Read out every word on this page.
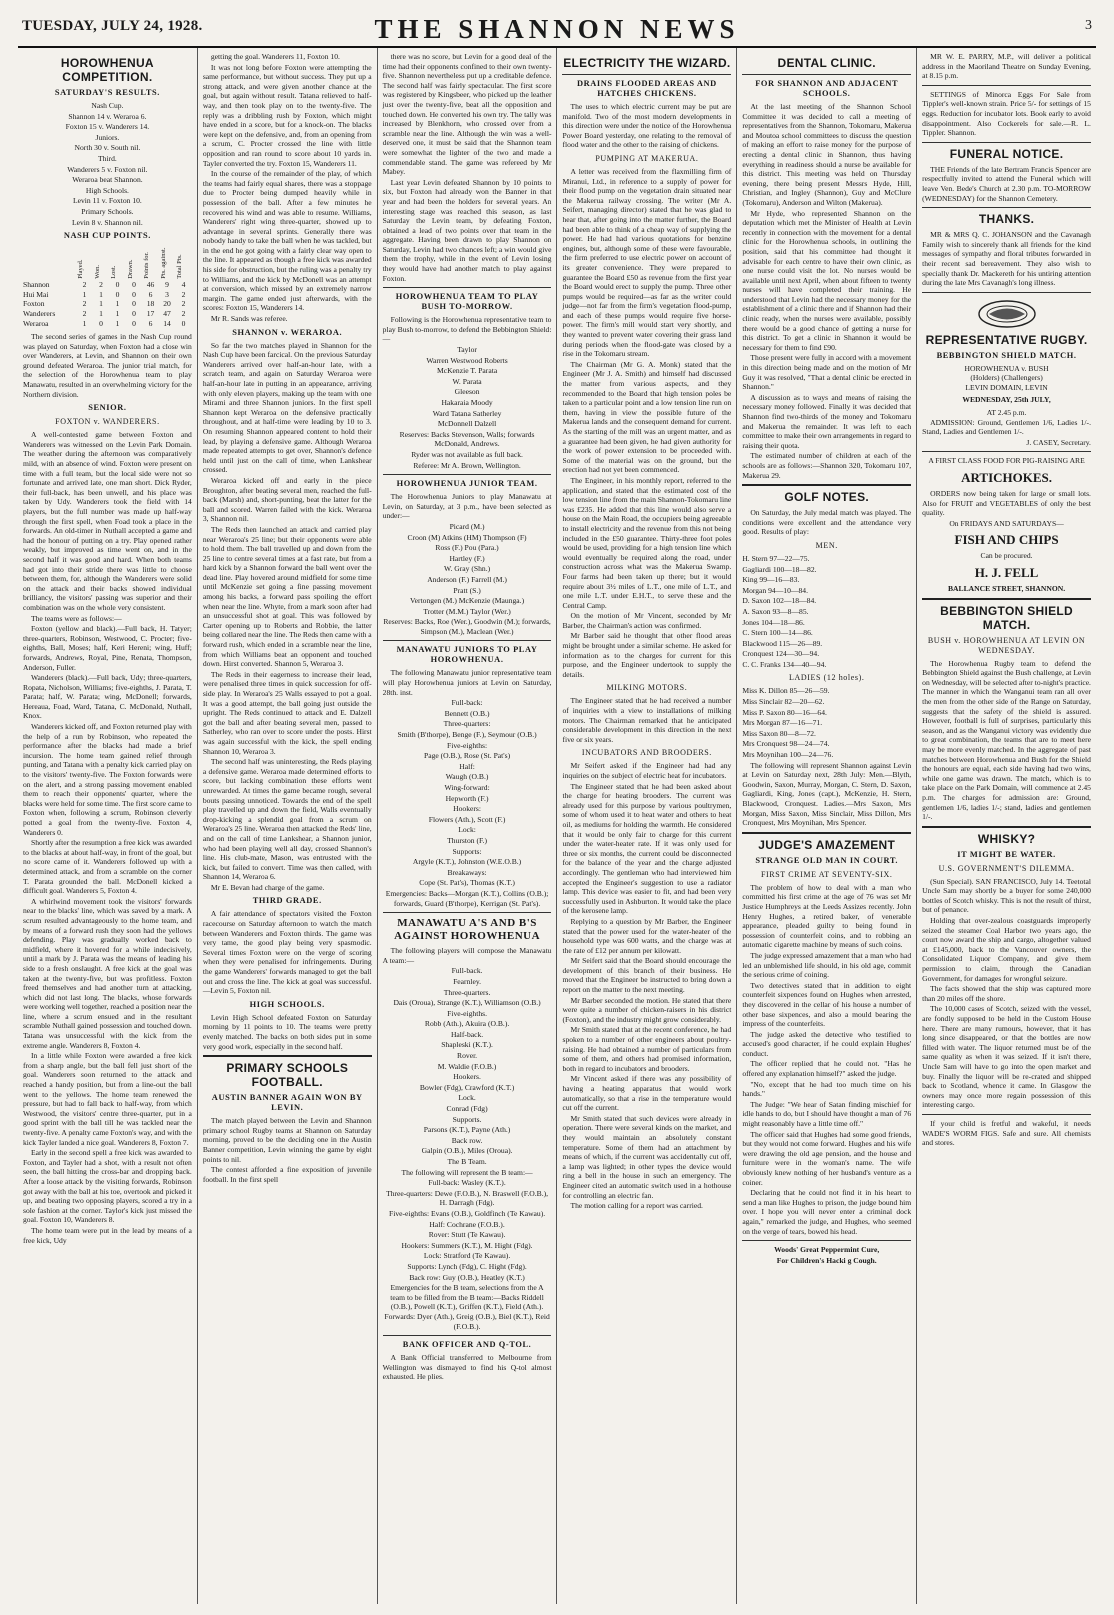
TUESDAY, JULY 24, 1928.	THE SHANNON NEWS	3
HOROWHENUA COMPETITION.
SATURDAY'S RESULTS.

Nash Cup.

Shannon 14 v. Weraroa 6.

Foxton 15 v. Wanderers 14.

Juniors.

North 30 v. South nil.

Third.

Wanderers 5 v. Foxton nil.

Weraroa beat Shannon.

High Schools.

Levin 11 v. Foxton 10.

Primary Schools.

Levin 8 v. Shannon nil.

NASH CUP POINTS.
	Played.	Won.	Lost.	Drawn.	Points for.	Pts. against.	Total Pts.
Shannon	2	2	0	0	46	9	4
Hui Mai	1	1	0	0	6	3	2
Foxton	2	1	1	0	18	20	2
Wanderers	2	1	1	0	17	47	2
Weraroa	1	0	1	0	6	14	0

The second series of games in the Nash Cup round was played on Saturday, when Foxton had a close win over Wanderers, at Levin, and Shannon on their own ground defeated Weraroa. The junior trial match, for the selection of the Horowhenua team to play Manawatu, resulted in an overwhelming victory for the Northern division.

SENIOR.
FOXTON v. WANDERERS.

A well-contested game between Foxton and Wanderers was witnessed on the Levin Park Domain. The weather during the afternoon was comparatively mild, with an absence of wind. Foxton were present on time with a full team, but the local side were not so fortunate and arrived late, one man short. Dick Ryder, their full-back, has been unwell, and his place was taken by Udy. Wanderers took the field with 14 players, but the full number was made up half-way through the first spell, when Foad took a place in the forwards. An old-timer in Nuthall accepted a game and had the honour of putting on a try. Play opened rather weakly, but improved as time went on, and in the second half it was good and hard. When both teams had got into their stride there was little to choose between them, for, although the Wanderers were solid on the attack and their backs showed individual brilliancy, the visitors' passing was superior and their combination was on the whole very consistent.

The teams were as follows:—

Foxton (yellow and black).—Full back, H. Tatyer; three-quarters, Robinson, Westwood, C. Procter; five-eighths, Ball, Moses; half, Keri Hereni; wing, Huff; forwards, Andrews, Royal, Pine, Renata, Thompson, Anderson, Fuller.

Wanderers (black).—Full back, Udy; three-quarters, Ropata, Nicholson, Williams; five-eighths, J. Parata, T. Parata; half, W. Parata; wing, McDonell; forwards, Hereaua, Foad, Ward, Tatana, C. McDonald, Nuthall, Knox.

Wanderers kicked off, and Foxton returned play with the help of a run by Robinson, who repeated the performance after the blacks had made a brief incursion. The home team gained relief through punting, and Tatana with a penalty kick carried play on to the visitors' twenty-five. The Foxton forwards were on the alert, and a strong passing movement enabled them to reach their opponents' quarter, where the blacks were held for some time. The first score came to Foxton when, following a scrum, Robinson cleverly potted a goal from the twenty-five. Foxton 4, Wanderers 0.

Shortly after the resumption a free kick was awarded to the blacks at about half-way, in front of the goal, but no score came of it. Wanderers followed up with a determined attack, and from a scramble on the corner T. Parata grounded the ball. McDonell kicked a difficult goal. Wanderers 5, Foxton 4.

A whirlwind movement took the visitors' forwards near to the blacks' line, which was saved by a mark. A scrum resulted advantageously to the home team, and by means of a forward rush they soon had the yellows defending. Play was gradually worked back to midfield, where it hovered for a while indecisively, until a mark by J. Parata was the means of leading his side to a fresh onslaught. A free kick at the goal was taken at the twenty-five, but was profitless. Foxton freed themselves and had another turn at attacking, which did not last long. The blacks, whose forwards were working well together, reached a position near the line, where a scrum ensued and in the resultant scramble Nuthall gained possession and touched down. Tatana was unsuccessful with the kick from the extreme angle. Wanderers 8, Foxton 4.

In a little while Foxton were awarded a free kick from a sharp angle, but the ball fell just short of the goal. Wanderers soon returned to the attack and reached a handy position, but from a line-out the ball went to the yellows. The home team renewed the pressure, but had to fall back to half-way, from which Westwood, the visitors' centre three-quarter, put in a good sprint with the ball till he was tackled near the twenty-five. A penalty came Foxton's way, and with the kick Tayler landed a nice goal. Wanderers 8, Foxton 7.

Early in the second spell a free kick was awarded to Foxton, and Tayler had a shot, with a result not often seen, the ball hitting the cross-bar and dropping back. After a loose attack by the visiting forwards, Robinson got away with the ball at his toe, overtook and picked it up, and beating two opposing players, scored a try in a sole fashion at the corner. Taylor's kick just missed the goal. Foxton 10, Wanderers 8.

The home team were put in the lead by means of a free kick, Udy

getting the goal. Wanderers 11, Foxton 10.

It was not long before Foxton were attempting the same performance, but without success. They put up a strong attack, and were given another chance at the goal, but again without result. Tatana relieved to half-way, and then took play on to the twenty-five. The reply was a dribbling rush by Foxton, which might have ended in a score, but for a knock-on. The blacks were kept on the defensive, and, from an opening from a scrum, C. Procter crossed the line with little opposition and ran round to score about 10 yards in. Tayler converted the try. Foxton 15, Wanderers 11.

In the course of the remainder of the play, of which the teams had fairly equal shares, there was a stoppage due to Procter being dumped heavily while in possession of the ball. After a few minutes he recovered his wind and was able to resume. Williams, Wanderers' right wing three-quarter, showed up to advantage in several sprints. Generally there was nobody handy to take the ball when he was tackled, but in the end he got going with a fairly clear way open to the line. It appeared as though a free kick was awarded his side for obstruction, but the ruling was a penalty try to Williams, and the kick by McDonell was an attempt at conversion, which missed by an extremely narrow margin. The game ended just afterwards, with the scores: Foxton 15, Wanderers 14.

Mr R. Sands was referee.

SHANNON v. WERAROA.

So far the two matches played in Shannon for the Nash Cup have been farcical. On the previous Saturday Wanderers arrived over half-an-hour late, with a scratch team, and again on Saturday Weraroa were half-an-hour late in putting in an appearance, arriving with only eleven players, making up the team with one Mirami and three Shannon juniors. In the first spell Shannon kept Weraroa on the defensive practically throughout, and at half-time were leading by 10 to 3. On resuming Shannon appeared content to hold their lead, by playing a defensive game. Although Weraroa made repeated attempts to get over, Shannon's defence held until just on the call of time, when Lankshear crossed.

Weraroa kicked off and early in the piece Broughton, after beating several men, reached the full-back (Marsh) and, short-punting, beat the latter for the ball and scored. Warren failed with the kick. Weraroa 3, Shannon nil.

The Reds then launched an attack and carried play near Weraroa's 25 line; but their opponents were able to hold them. The ball travelled up and down from the 25 line to centre several times at a fast rate, but from a hard kick by a Shannon forward the ball went over the dead line. Play hovered around midfield for some time until McKenzie set going a fine passing movement among his backs, a forward pass spoiling the effort when near the line. Whyte, from a mark soon after had an unsuccessful shot at goal. This was followed by Carter opening up to Roberts and Robbie, the latter being collared near the line. The Reds then came with a forward rush, which ended in a scramble near the line, from which Williams beat an opponent and touched down. Hirst converted. Shannon 5, Weraroa 3.

The Reds in their eagerness to increase their lead, were penalised three times in quick succession for off-side play. In Weraroa's 25 Walls essayed to pot a goal. It was a good attempt, the ball going just outside the upright. The Reds continued to attack and E. Dalzell got the ball and after beating several men, passed to Satherley, who ran over to score under the posts. Hirst was again successful with the kick, the spell ending Shannon 10, Weraroa 3.

The second half was uninteresting, the Reds playing a defensive game. Weraroa made determined efforts to score, but lacking combination these efforts went unrewarded. At times the game became rough, several bouts passing unnoticed. Towards the end of the spell play travelled up and down the field, Walls eventually drop-kicking a splendid goal from a scrum on Weraroa's 25 line. Weraroa then attacked the Reds' line, and on the call of time Lankshear, a Shannon junior, who had been playing well all day, crossed Shannon's line. His club-mate, Mason, was entrusted with the kick, but failed to convert. Time was then called, with Shannon 14, Weraroa 6.

Mr E. Bevan had charge of the game.

THIRD GRADE.

A fair attendance of spectators visited the Foxton racecourse on Saturday afternoon to watch the match between Wanderers and Foxton thirds. The game was very tame, the good play being very spasmodic. Several times Foxton were on the verge of scoring when they were penalised for infringements. During the game Wanderers' forwards managed to get the ball out and cross the line. The kick at goal was successful.—Levin 5, Foxton nil.

HIGH SCHOOLS.

Levin High School defeated Foxton on Saturday morning by 11 points to 10. The teams were pretty evenly matched. The backs on both sides put in some very good work, especially in the second half.

PRIMARY SCHOOLS FOOTBALL.
AUSTIN BANNER AGAIN WON BY LEVIN.

The match played between the Levin and Shannon primary school Rugby teams at Shannon on Saturday morning, proved to be the deciding one in the Austin Banner competition, Levin winning the game by eight points to nil.

The contest afforded a fine exposition of juvenile football. In the first spell

there was no score, but Levin for a good deal of the time had their opponents confined to their own twenty-five. Shannon nevertheless put up a creditable defence. The second half was fairly spectacular. The first score was registered by Kingsbeer, who picked up the leather just over the twenty-five, beat all the opposition and touched down. He converted his own try. The tally was increased by Blenkhorn, who crossed over from a scramble near the line. Although the win was a well-deserved one, it must be said that the Shannon team were somewhat the lighter of the two and made a commendable stand. The game was refereed by Mr Mabey.

Last year Levin defeated Shannon by 10 points to six, but Foxton had already won the Banner in that year and had been the holders for several years. An interesting stage was reached this season, as last Saturday the Levin team, by defeating Foxton, obtained a lead of two points over that team in the aggregate. Having been drawn to play Shannon on Saturday, Levin had two chances left; a win would give them the trophy, while in the event of Levin losing they would have had another match to play against Foxton.

HOROWHENUA TEAM TO PLAY BUSH TO-MORROW.

Following is the Horowhenua representative team to play Bush to-morrow, to defend the Bebbington Shield:—

Taylor

Warren Westwood Roberts

McKenzie T. Parata

W. Parata

Gleeson

Hakaraia Moody

Ward Tatana Satherley

McDonnell Dalzell

Reserves: Backs Stevenson, Walls; forwards McDonald, Andrews.

Ryder was not available as full back.

Referee: Mr A. Brown, Wellington.

HOROWHENUA JUNIOR TEAM.

The Horowhenua Juniors to play Manawatu at Levin, on Saturday, at 3 p.m., have been selected as under:—

Picard (M.)

Croon (M) Atkins (HM) Thompson (F)

Ross (F.) Pou (Para.)

Hartley (F.)

W. Gray (Shn.)

Anderson (F.) Farrell (M.)

Pratt (S.)

Vertongen (M.) McKenzie (Maunga.)

Trotter (M.M.) Taylor (Wer.)

Reserves: Backs, Roe (Wer.), Goodwin (M.); forwards, Simpson (M.), Maclean (Wer.)

MANAWATU JUNIORS TO PLAY HOROWHENUA.

The following Manawatu junior representative team will play Horowhenua juniors at Levin on Saturday, 28th. inst.

Full-back:

Bennett (O.B.)

Three-quarters:

Smith (B'thorpe), Benge (F.), Seymour (O.B.)

Five-eighths:

Page (O.B.), Rose (St. Pat's)

Half:

Waugh (O.B.)

Wing-forward:

Hepworth (F.)

Hookers:

Flowers (Ath.), Scott (F.)

Lock:

Thurston (F.)

Supports:

Argyle (K.T.), Johnston (W.E.O.B.)

Breakaways:

Cope (St. Pat's), Thomas (K.T.)

Emergencies: Backs—Morgan (K.T.), Collins (O.B.); forwards, Guard (B'thorpe), Kerrigan (St. Pat's).

MANAWATU A'S AND B'S AGAINST HOROWHENUA

The following players will compose the Manawatu A team:—

Full-back.

Fearnley.

Three-quarters.

Dais (Oroua), Strange (K.T.), Williamson (O.B.)

Five-eighths.

Robb (Ath.), Akuira (O.B.).

Half-back.

Shapleski (K.T.).

Rover.

M. Waldie (F.O.B.)

Hookers.

Bowler (Fdg), Crawford (K.T.)

Lock.

Conrad (Fdg)

Supports.

Parsons (K.T.), Payne (Ath.)

Back row.

Galpin (O.B.), Miles (Oroua).

The B Team.

The following will represent the B team:—

Full-back: Wasley (K.T.).

Three-quarters: Dewe (F.O.B.), N. Braswell (F.O.B.), H. Darragh (Fdg).

Five-eighths: Evans (O.B.), Goldfinch (Te Kawau).

Half: Cochrane (F.O.B.).

Rover: Stutt (Te Kawau).

Hookers: Summers (K.T.), M. Hight (Fdg).

Lock: Stratford (Te Kawau).

Supports: Lynch (Fdg), C. Hight (Fdg).

Back row: Guy (O.B.), Heatley (K.T.)

Emergencies for the B team, selections from the A team to be filled from the B team:—Backs Riddell (O.B.), Powell (K.T.), Griffen (K.T.), Field (Ath.). Forwards: Dyer (Ath.), Greig (O.B.), Biel (K.T.), Reid (F.O.B.).

BANK OFFICER AND Q-TOL.

A Bank Official transferred to Melbourne from Wellington was dismayed to find his Q-tol almost exhausted. He plies.

ELECTRICITY THE WIZARD.
DRAINS FLOODED AREAS AND HATCHES CHICKENS.

The uses to which electric current may be put are manifold. Two of the most modern developments in this direction were under the notice of the Horowhenua Power Board yesterday, one relating to the removal of flood water and the other to the raising of chickens.

PUMPING AT MAKERUA.

A letter was received from the flaxmilling firm of Miranui, Ltd., in reference to a supply of power for their flood pump on the vegetation drain situated near the Makerua railway crossing. The writer (Mr A. Seifert, managing director) stated that he was glad to hear that, after going into the matter further, the Board had been able to think of a cheap way of supplying the power. He had had various quotations for benzine engines, but, although some of these were favourable, the firm preferred to use electric power on account of its greater convenience. They were prepared to guarantee the Board £50 as revenue from the first year the Board would erect to supply the pump. Three other pumps would be required—as far as the writer could judge—not far from the firm's vegetation flood-pump, and each of these pumps would require five horse-power. The firm's mill would start very shortly, and they wanted to prevent water covering their grass land during periods when the flood-gate was closed by a rise in the Tokomaru stream.

The Chairman (Mr G. A. Monk) stated that the Engineer (Mr J. A. Smith) and himself had discussed the matter from various aspects, and they recommended to the Board that high tension poles be taken to a particular point and a low tension line run on them, having in view the possible future of the Makerua lands and the consequent demand for current. As the starting of the mill was an urgent matter, and as a guarantee had been given, he had given authority for the work of power extension to be proceeded with. Some of the material was on the ground, but the erection had not yet been commenced.

The Engineer, in his monthly report, referred to the application, and stated that the estimated cost of the low tension line from the main Shannon-Tokomaru line was £235. He added that this line would also serve a house on the Main Road, the occupiers being agreeable to install electricity and the revenue from this not being included in the £50 guarantee. Thirty-three foot poles would be used, providing for a high tension line which would eventually be required along the road, under construction across what was the Makerua Swamp. Four farms had been taken up there; but it would require about 3½ miles of L.T., one mile of L.T., and one mile L.T. under E.H.T., to serve these and the Central Camp.

On the motion of Mr Vincent, seconded by Mr Barber, the Chairman's action was confirmed.

Mr Barber said he thought that other flood areas might be brought under a similar scheme. He asked for information as to the charges for current for this purpose, and the Engineer undertook to supply the details.

MILKING MOTORS.

The Engineer stated that he had received a number of inquiries with a view to installations of milking motors. The Chairman remarked that he anticipated considerable development in this direction in the next five or six years.

INCUBATORS AND BROODERS.

Mr Seifert asked if the Engineer had had any inquiries on the subject of electric heat for incubators.

The Engineer stated that he had been asked about the charge for heating brooders. The current was already used for this purpose by various poultrymen, some of whom used it to heat water and others to heat oil, as mediums for holding the warmth. He considered that it would be only fair to charge for this current under the water-heater rate. If it was only used for three or six months, the current could be disconnected for the balance of the year and the charge adjusted accordingly. The gentleman who had interviewed him accepted the Engineer's suggestion to use a radiator lamp. This device was easier to fit, and had been very successfully used in Ashburton. It would take the place of the kerosene lamp.

Replying to a question by Mr Barber, the Engineer stated that the power used for the water-heater of the household type was 600 watts, and the charge was at the rate of £12 per annum per kilowatt.

Mr Seifert said that the Board should encourage the development of this branch of their business. He moved that the Engineer be instructed to bring down a report on the matter to the next meeting.

Mr Barber seconded the motion. He stated that there were quite a number of chicken-raisers in his district (Foxton), and the industry might grow considerably.

Mr Smith stated that at the recent conference, he had spoken to a number of other engineers about poultry-raising. He had obtained a number of particulars from some of them, and others had promised information, both in regard to incubators and brooders.

Mr Vincent asked if there was any possibility of having a heating apparatus that would work automatically, so that a rise in the temperature would cut off the current.

Mr Smith stated that such devices were already in operation. There were several kinds on the market, and they would maintain an absolutely constant temperature. Some of them had an attachment by means of which, if the current was accidentally cut off, a lamp was lighted; in other types the device would ring a bell in the house in such an emergency. The Engineer cited an automatic switch used in a hothouse for controlling an electric fan.

The motion calling for a report was carried.

DENTAL CLINIC.
FOR SHANNON AND ADJACENT SCHOOLS.

At the last meeting of the Shannon School Committee it was decided to call a meeting of representatives from the Shannon, Tokomaru, Makerua and Moutoa school committees to discuss the question of making an effort to raise money for the purpose of erecting a dental clinic in Shannon, thus having everything in readiness should a nurse be available for this district. This meeting was held on Thursday evening, there being present Messrs Hyde, Hill, Christian, and Ingley (Shannon), Guy and McClure (Tokomaru), Anderson and Wilton (Makerua).

Mr Hyde, who represented Shannon on the deputation which met the Minister of Health at Levin recently in connection with the movement for a dental clinic for the Horowhenua schools, in outlining the position, said that his committee had thought it advisable for each centre to have their own clinic, as one nurse could visit the lot. No nurses would be available until next April, when about fifteen to twenty nurses will have completed their training. He understood that Levin had the necessary money for the establishment of a clinic there and if Shannon had their clinic ready, when the nurses were available, possibly there would be a good chance of getting a nurse for this district. To get a clinic in Shannon it would be necessary for them to find £90.

Those present were fully in accord with a movement in this direction being made and on the motion of Mr Guy it was resolved, "That a dental clinic be erected in Shannon."

A discussion as to ways and means of raising the necessary money followed. Finally it was decided that Shannon find two-thirds of the money and Tokomaru and Makerua the remainder. It was left to each committee to make their own arrangements in regard to raising their quota.

The estimated number of children at each of the schools are as follows:—Shannon 320, Tokomaru 107, Makerua 29.

GOLF NOTES.

On Saturday, the July medal match was played. The conditions were excellent and the attendance very good. Results of play:

MEN.

H. Stern 97—22—75.

Gagliardi 100—18—82.

King 99—16—83.

Morgan 94—10—84.

D. Saxon 102—18—84.

A. Saxon 93—8—85.

Jones 104—18—86.

C. Stern 100—14—86.

Blackwood 115—26—89.

Cronquest 124—30—94.

C. C. Franks 134—40—94.

LADIES (12 holes).

Miss K. Dillon 85—26—59.

Miss Sinclair 82—20—62.

Miss P. Saxon 80—16—64.

Mrs Morgan 87—16—71.

Miss Saxon 80—8—72.

Mrs Cronquest 98—24—74.

Mrs Moynihan 100—24—76.

The following will represent Shannon against Levin at Levin on Saturday next, 28th July: Men.—Blyth, Goodwin, Saxon, Murray, Morgan, C. Stern, D. Saxon, Gagliardi, King, Jones (capt.), McKenzie, H. Stern, Blackwood, Cronquest. Ladies.—Mrs Saxon, Mrs Morgan, Miss Saxon, Miss Sinclair, Miss Dillon, Mrs Cronquest, Mrs Moynihan, Mrs Spencer.

JUDGE'S AMAZEMENT
STRANGE OLD MAN IN COURT.
FIRST CRIME AT SEVENTY-SIX.

The problem of how to deal with a man who committed his first crime at the age of 76 was set Mr Justice Humphreys at the Leeds Assizes recently. John Henry Hughes, a retired baker, of venerable appearance, pleaded guilty to being found in possession of counterfeit coins, and to robbing an automatic cigarette machine by means of such coins.

The judge expressed amazement that a man who had led an unblemished life should, in his old age, commit the serious crime of coining.

Two detectives stated that in addition to eight counterfeit sixpences found on Hughes when arrested, they discovered in the cellar of his house a number of other base sixpences, and also a mould bearing the impress of the counterfeits.

The judge asked the detective who testified to accused's good character, if he could explain Hughes' conduct.

The officer replied that he could not. "Has he offered any explanation himself?" asked the judge.

"No, except that he had too much time on his hands."

The Judge: "We hear of Satan finding mischief for idle hands to do, but I should have thought a man of 76 might reasonably have a little time off."

The officer said that Hughes had some good friends, but they would not come forward. Hughes and his wife were drawing the old age pension, and the house and furniture were in the woman's name. The wife obviously knew nothing of her husband's venture as a coiner.

Declaring that he could not find it in his heart to send a man like Hughes to prison, the judge bound him over. I hope you will never enter a criminal dock again," remarked the judge, and Hughes, who seemed on the verge of tears, bowed his head.

Woods' Great Peppermint Cure,

For Children's Hacki g Cough.

MR W. E. PARRY, M.P., will deliver a political address in the Maoriland Theatre on Sunday Evening, at 8.15 p.m.

SETTINGS of Minorca Eggs For Sale from Tippler's well-known strain. Price 5/- for settings of 15 eggs. Reduction for incubator lots. Book early to avoid disappointment. Also Cockerels for sale.—R. L. Tippler. Shannon.

FUNERAL NOTICE.

THE Friends of the late Bertram Francis Spencer are respectfully invited to attend the Funeral which will leave Ven. Bede's Church at 2.30 p.m. TO-MORROW (WEDNESDAY) for the Shannon Cemetery.

THANKS.

MR & MRS Q. C. JOHANSON and the Cavanagh Family wish to sincerely thank all friends for the kind messages of sympathy and floral tributes forwarded in their recent sad bereavement. They also wish to specially thank Dr. Mackereth for his untiring attention during the late Mrs Cavanagh's long illness.

REPRESENTATIVE RUGBY.
BEBBINGTON SHIELD MATCH.
HOROWHENUA v. BUSH
(Holders) (Challengers)
LEVIN DOMAIN, LEVIN
WEDNESDAY, 25th JULY,
AT 2.45 p.m.

ADMISSION: Ground, Gentlemen 1/6, Ladies 1/-. Stand, Ladies and Gentlemen 1/-.

J. CASEY, Secretary.
A FIRST CLASS FOOD FOR PIG-RAISING ARE
ARTICHOKES.

ORDERS now being taken for large or small lots. Also for FRUIT and VEGETABLES of only the best quality.

On FRIDAYS AND SATURDAYS—
FISH AND CHIPS
Can be procured.
H. J. FELL
BALLANCE STREET, SHANNON.
BEBBINGTON SHIELD MATCH.
BUSH v. HOROWHENUA AT LEVIN ON WEDNESDAY.

The Horowhenua Rugby team to defend the Bebbington Shield against the Bush challenge, at Levin on Wednesday, will be selected after to-night's practice. The manner in which the Wanganui team ran all over the men from the other side of the Range on Saturday, suggests that the safety of the shield is assured. However, football is full of surprises, particularly this season, and as the Wanganui victory was evidently due to great combination, the teams that are to meet here may be more evenly matched. In the aggregate of past matches between Horowhenua and Bush for the Shield the honours are equal, each side having had two wins, while one game was drawn. The match, which is to take place on the Park Domain, will commence at 2.45 p.m. The charges for admission are: Ground, gentlemen 1/6, ladies 1/-; stand, ladies and gentlemen 1/-.

WHISKY?
IT MIGHT BE WATER.
U.S. GOVERNMENT'S DILEMMA.

(Sun Special). SAN FRANCISCO, July 14. Teetotal Uncle Sam may shortly be a buyer for some 240,000 bottles of Scotch whisky. This is not the result of thirst, but of penance.

Holding that over-zealous coastguards improperly seized the steamer Coal Harbor two years ago, the court now award the ship and cargo, altogether valued at £145,000, back to the Vancouver owners, the Consolidated Liquor Company, and give them permission to claim, through the Canadian Government, for damages for wrongful seizure.

The facts showed that the ship was captured more than 20 miles off the shore.

The 10,000 cases of Scotch, seized with the vessel, are fondly supposed to be held in the Custom House here. There are many rumours, however, that it has long since disappeared, or that the bottles are now filled with water. The liquor returned must be of the same quality as when it was seized. If it isn't there, Uncle Sam will have to go into the open market and buy. Finally the liquor will be re-crated and shipped back to Scotland, whence it came. In Glasgow the owners may once more regain possession of this interesting cargo.

If your child is fretful and wakeful, it needs WADE'S WORM FIGS. Safe and sure. All chemists and stores.
